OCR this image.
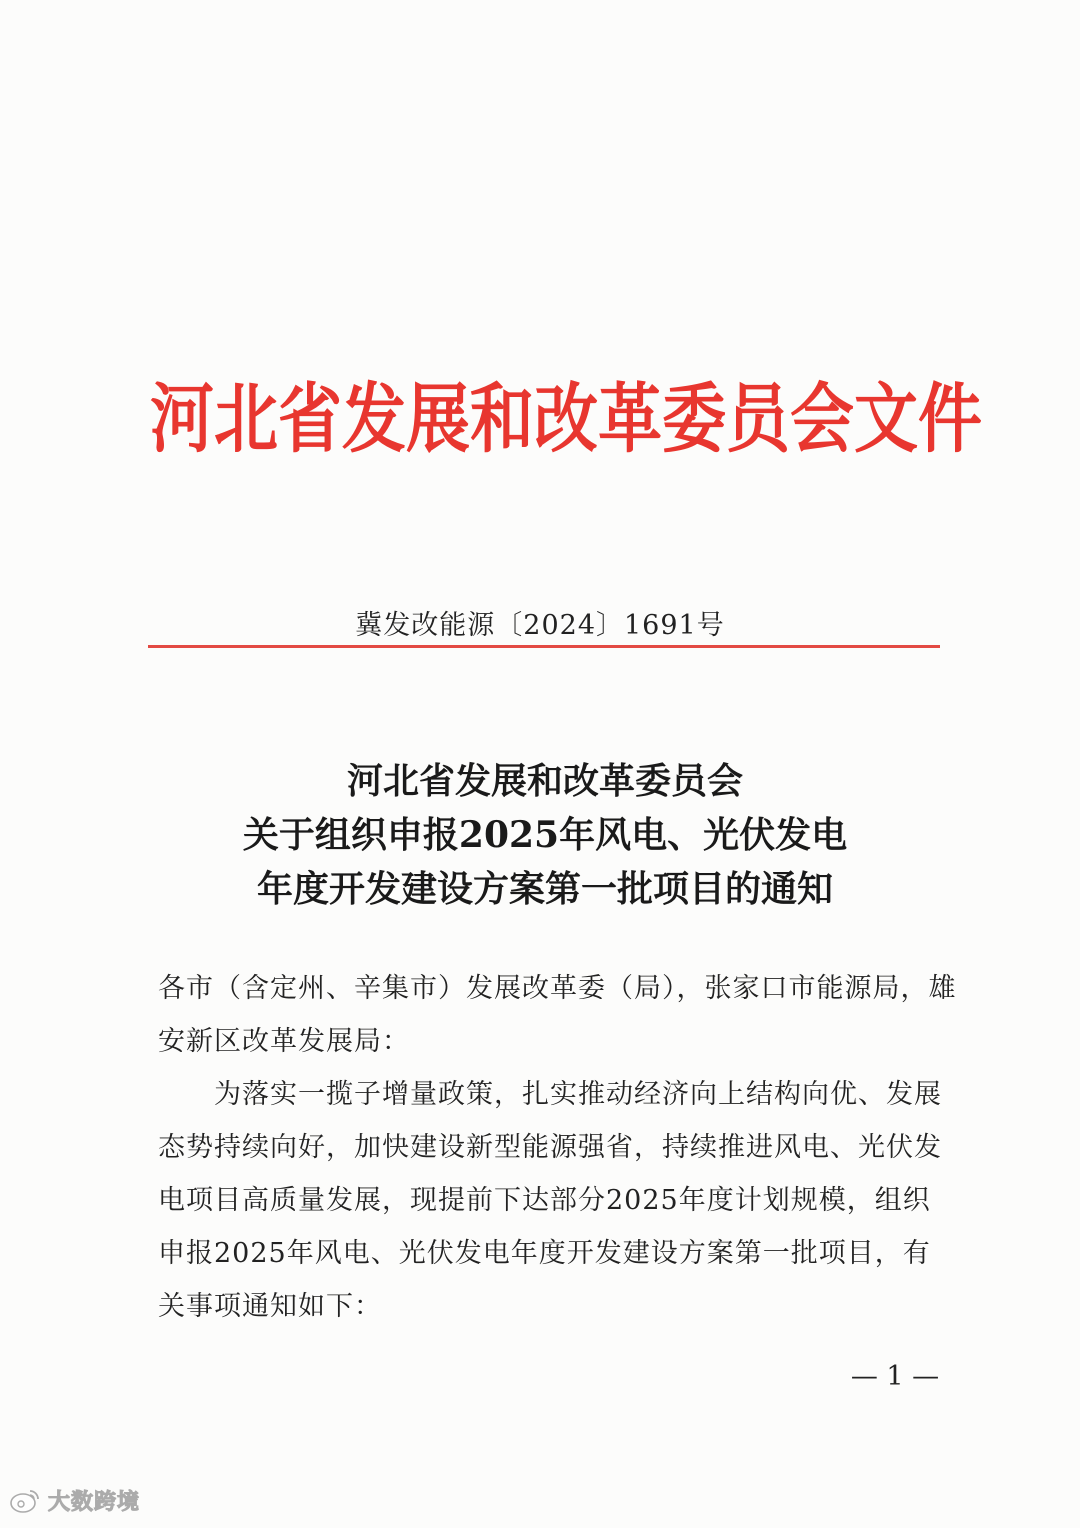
河北省发展和改革委员会文件
冀发改能源〔2024〕1691号
河北省发展和改革委员会
关于组织申报2025年风电、光伏发电
年度开发建设方案第一批项目的通知
各市（含定州、辛集市）发展改革委（局），张家口市能源局，雄安新区改革发展局：
为落实一揽子增量政策，扎实推动经济向上结构向优、发展态势持续向好，加快建设新型能源强省，持续推进风电、光伏发电项目高质量发展，现提前下达部分2025年度计划规模，组织申报2025年风电、光伏发电年度开发建设方案第一批项目，有关事项通知如下：
— 1 —
大数跨境
